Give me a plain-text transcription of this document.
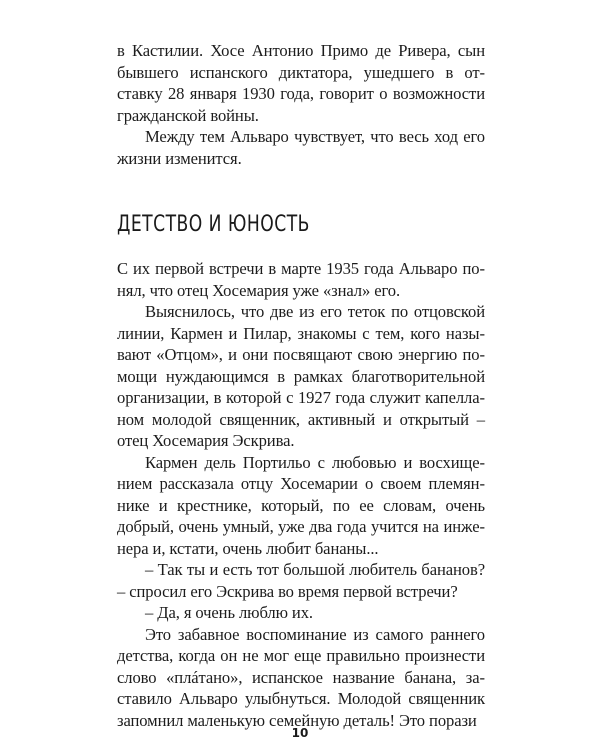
в Кастилии. Хосе Антонио Примо де Ривера, сын бывшего испанского диктатора, ушедшего в отставку 28 января 1930 года, говорит о возможности гражданской войны.

Между тем Альваро чувствует, что весь ход его жизни изменится.

ДЕТСТВО И ЮНОСТЬ

С их первой встречи в марте 1935 года Альваро понял, что отец Хосемария уже «знал» его.

Выяснилось, что две из его теток по отцовской линии, Кармен и Пилар, знакомы с тем, кого называют «Отцом», и они посвящают свою энергию помощи нуждающимся в рамках благотворительной организации, в которой с 1927 года служит капелланом молодой священник, активный и открытый – отец Хосемария Эскрива.

Кармен дель Портильо с любовью и восхищением рассказала отцу Хосемарии о своем племяннике и крестнике, который, по ее словам, очень добрый, очень умный, уже два года учится на инженера и, кстати, очень любит бананы...

– Так ты и есть тот большой любитель бананов? – спросил его Эскрива во время первой встречи?

– Да, я очень люблю их.

Это забавное воспоминание из самого раннего детства, когда он не мог еще правильно произнести слово «плáтано», испанское название банана, заставило Альваро улыбнуться. Молодой священник запомнил маленькую семейную деталь! Это порази

10
